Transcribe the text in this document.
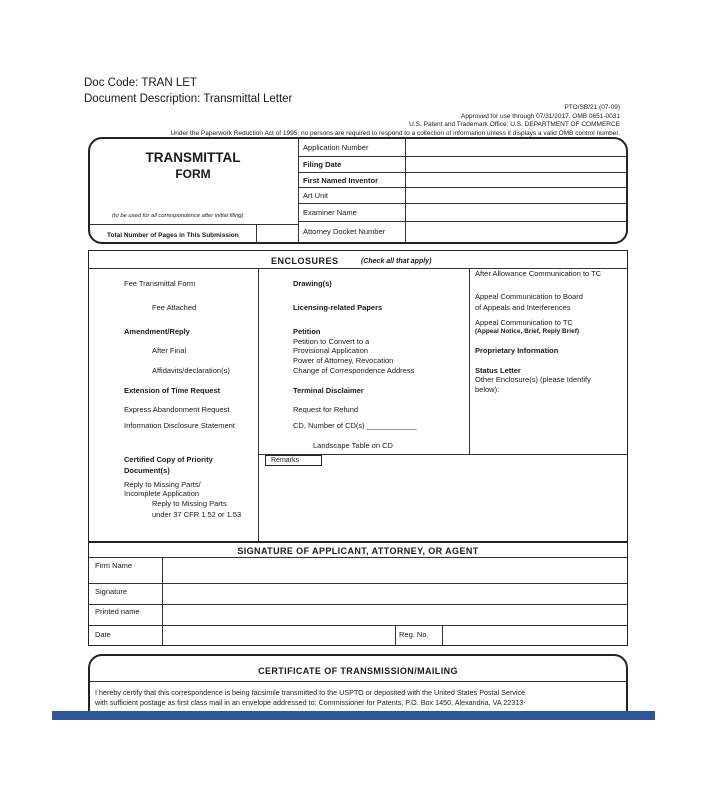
Doc Code: TRAN LET
Document Description: Transmittal Letter
PTO/SB/21 (07-09)
Approved for use through 07/31/2017. OMB 0651-0031
U.S. Patent and Trademark Office; U.S. DEPARTMENT OF COMMERCE
Under the Paperwork Reduction Act of 1995, no persons are required to respond to a collection of information unless it displays a valid OMB control number.
TRANSMITTAL
FORM
(to be used for all correspondence after initial filing)
Total Number of Pages in This Submission
Application Number
Filing Date
First Named Inventor
Art Unit
Examiner Name
Attorney Docket Number
ENCLOSURES	(Check all that apply)
Fee Transmittal Form
Fee Attached
Amendment/Reply
After Final
Affidavits/declaration(s)
Extension of Time Request
Express Abandonment Request
Information Disclosure Statement
Certified Copy of Priority
Document(s)
Reply to Missing Parts/
Incomplete Application
Reply to Missing Parts
under 37 CFR 1.52 or 1.53
Drawing(s)
Licensing-related Papers
Petition
Petition to Convert to a
Provisional Application
Power of Attorney, Revocation
Change of Correspondence Address
Terminal Disclaimer
Request for Refund
CD, Number of CD(s) ____________
Landscape Table on CD
Remarks
After Allowance Communication to TC
Appeal Communication to Board
of Appeals and Interferences
Appeal Communication to TC
(Appeal Notice, Brief, Reply Brief)
Proprietary Information
Status Letter
Other Enclosure(s) (please Identify
below):
SIGNATURE OF APPLICANT, ATTORNEY, OR AGENT
Firm Name
Signature
Printed name
Date	Reg. No.
CERTIFICATE OF TRANSMISSION/MAILING
I hereby certify that this correspondence is being facsimile transmitted to the USPTO or deposited with the United States Postal Service
with sufficient postage as first class mail in an envelope addressed to: Commissioner for Patents, P.O. Box 1450, Alexandria, VA 22313-
